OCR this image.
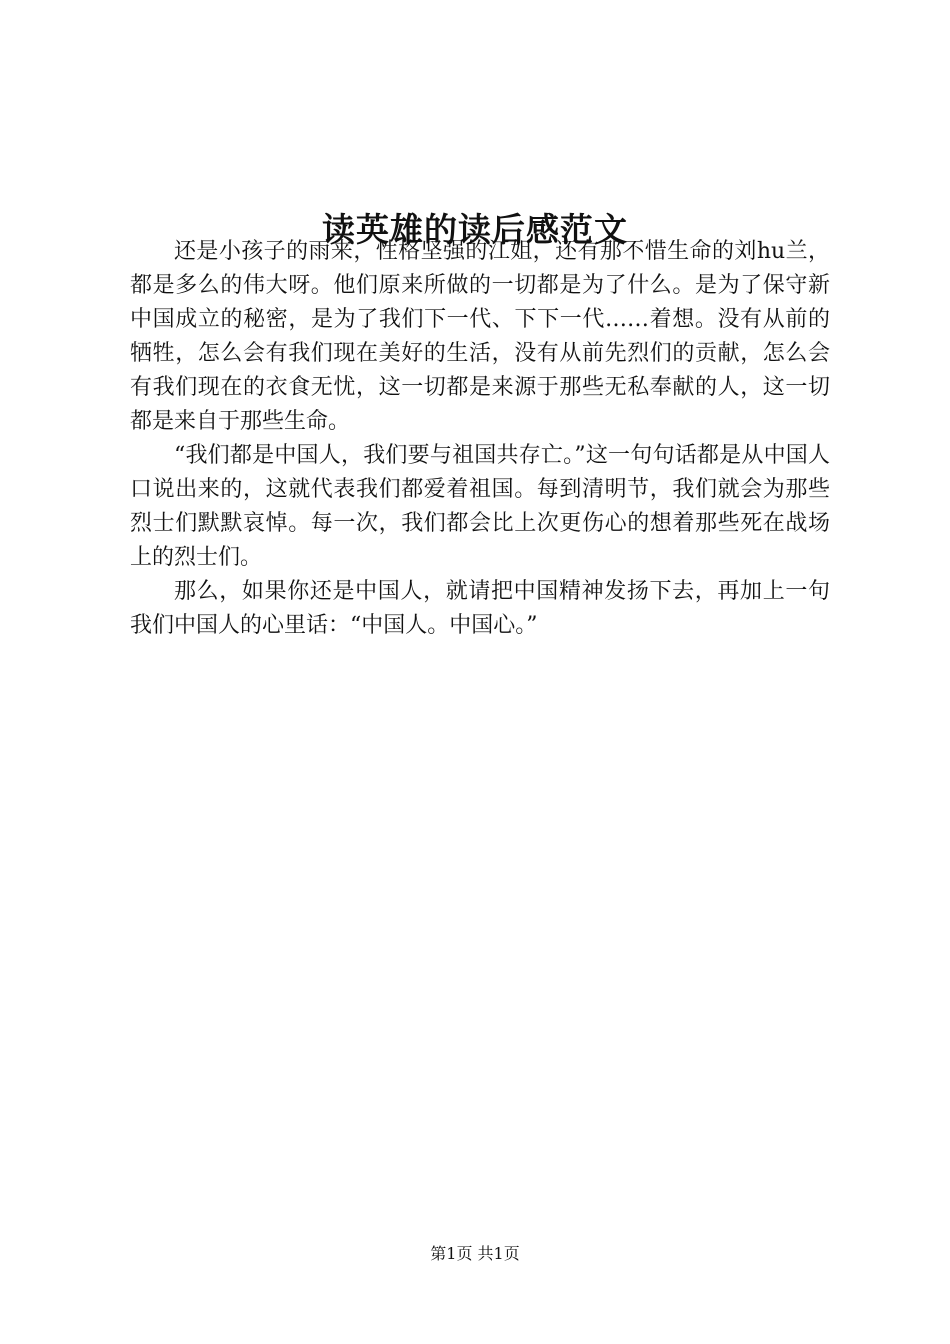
读英雄的读后感范文

还是小孩子的雨来，性格坚强的江姐，还有那不惜生命的刘hu兰，都是多么的伟大呀。他们原来所做的一切都是为了什么。是为了保守新中国成立的秘密，是为了我们下一代、下下一代……着想。没有从前的牺牲，怎么会有我们现在美好的生活，没有从前先烈们的贡献，怎么会有我们现在的衣食无忧，这一切都是来源于那些无私奉献的人，这一切都是来自于那些生命。

“我们都是中国人，我们要与祖国共存亡。”这一句句话都是从中国人口说出来的，这就代表我们都爱着祖国。每到清明节，我们就会为那些烈士们默默哀悼。每一次，我们都会比上次更伤心的想着那些死在战场上的烈士们。

那么，如果你还是中国人，就请把中国精神发扬下去，再加上一句我们中国人的心里话：“中国人。中国心。”

第1页 共1页
